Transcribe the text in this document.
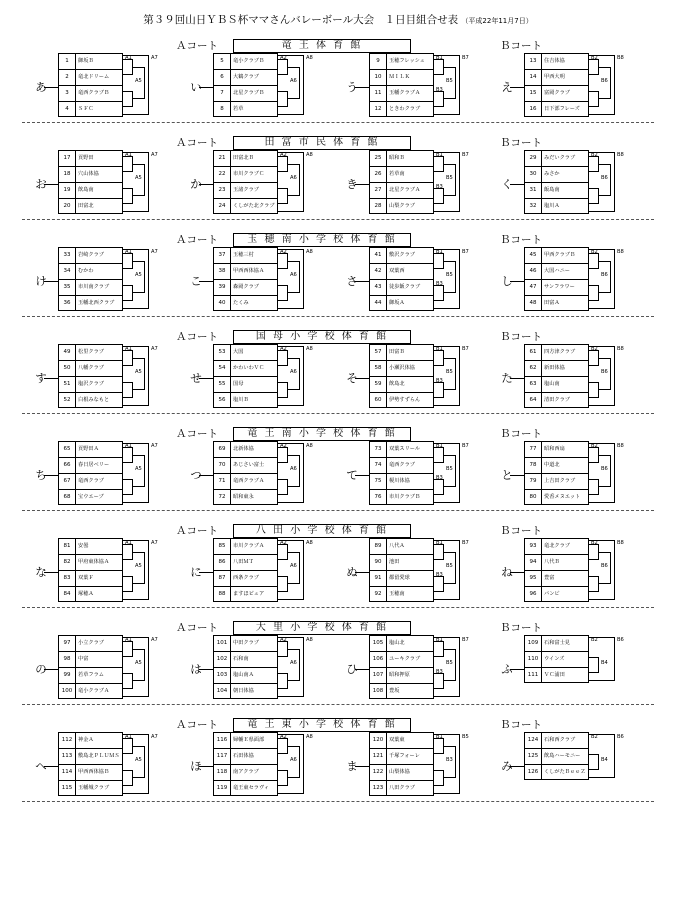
第３９回山日ＹＢＳ杯ママさんバレーボール大会　１日目組合せ表 （平成22年11月7日）
Ａコート	Ｂコート
竜 王 体 育 館
あ
1	御坂Ｂ
2	竜北ドリーム
3	竜西クラブＢ
4	ＳＦＣ
A1
A5
A7
い
5	竜小クラブＢ
6	大鶴クラブ
7	北星クラブＢ
8	若草
A2
A6
A8
う
9	玉穂フレッシュ
10	ＭＩＬＫ
11	玉幡クラブＡ
12	ときわクラブ
B1
B3
B5
B7
え
13	住吉体協
14	甲西大明
15	富岡クラブ
16	日下部フレーズ
B2
B6
B8
Ａコート	Ｂコート
田 富 市 民 体 育 館
お
17	貢野田
18	穴山体協
19	飲島南
20	田富北
A1
A5
A7
か
21	田富北Ｂ
22	市川クラブＣ
23	玉諸クラブ
24	くしがた北クラブ
A2
A6
A8
き
25	昭和Ｂ
26	若草南
27	北星クラブＡ
28	山梨クラブ
B1
B3
B5
B7
く
29	みだいクラブ
30	みさか
31	飯島南
32	塩川Ａ
B2
B6
B8
Ａコート	Ｂコート
玉 穂 南 小 学 校 体 育 館
け
33	岩崎クラブ
34	むかわ
35	市川南クラブ
36	玉幡北西クラブ
A1
A5
A7
こ
37	玉穂三村
38	甲西西体協Ａ
39	森岡クラブ
40	たくみ
A2
A6
A8
さ
41	敷沢クラブ
42	双葉西
43	徒歩飯クラブ
44	御坂Ａ
B1
B3
B5
B7
し
45	甲西クラブＢ
46	大国ハニー
47	サンフラワー
48	田富Ａ
B2
B6
B8
Ａコート	Ｂコート
国 母 小 学 校 体 育 館
す
49	松里クラブ
50	八幡クラブ
51	塩沢クラブ
52	白根みなもと
A1
A5
A7
せ
53	大国
54	かわいわＶＣ
55	国母
56	塩川Ｂ
A2
A6
A8
そ
57	田富Ｂ
58	小瀬沢体協
59	飲島北
60	伊勢すずらん
B1
B3
B5
B7
た
61	四方津クラブ
62	新田体協
63	塩山南
64	清田クラブ
B2
B6
B8
Ａコート	Ｂコート
竜 王 南 小 学 校 体 育 館
ち
65	貢野田Ａ
66	春日居ベリー
67	竜西クラブ
68	宝ウエーブ
A1
A5
A7
つ
69	北新体協
70	あじさい富士
71	竜西クラブＡ
72	昭和東永
A2
A6
A8
て
73	双葉スリール
74	竜西クラブ
75	榎川体協
76	市川クラブＢ
B1
B3
B5
B7
と
77	昭和西扇
78	中道北
79	上吉田クラブ
80	愛香メヌエット
B2
B6
B8
Ａコート	Ｂコート
八 田 小 学 校 体 育 館
な
81	安曇
82	甲府東体協Ａ
83	双葉Ｆ
84	塚穂Ａ
A1
A5
A7
に
85	市川クラブＡ
86	八田ＭＴ
87	西条クラブ
88	ますほピュア
A2
A6
A8
ぬ
89	八代Ａ
90	池田
91	都留愛球
92	玉穂南
B1
B3
B5
B7
ね
93	竜北クラブ
94	八代Ｂ
95	豊富
96	バンビ
B2
B6
B8
Ａコート	Ｂコート
大 里 小 学 校 体 育 館
の
97	小立クラブ
98	中富
99	若草フラム
100	竜小クラブＡ
A1
A5
A7
は
101	中田クラブ
102	石和南
103	塩山南Ａ
104	朝日体協
A2
A6
A8
ひ
105	塩山北
106	ユーキクラブ
107	昭和押原
108	豊坂
B1
B3
B5
B7
ふ
109	石和富士見
110	ウインズ
111	ＶＣ浦田
B2
B4
B6
Ａコート	Ｂコート
竜 王 東 小 学 校 体 育 館
へ
112	神金Ａ
113	敷島北ＰＬＵＭＳ
114	甲西西体協Ｂ
115	玉幡城クラブ
A1
A5
A7
ほ
116	婦輔Ｅ県面部
117	石田体協
118	南アクラブ
119	竜王東セラヴィ
A2
A6
A8
ま
120	双葉東
121	千塚フォーレ
122	山梨体協
123	八田クラブ
B1
B3
B5
み
124	石和西クラブ
125	飲島ハーモニー
126	くしがたＢｅｅＺ
B2
B4
B6
